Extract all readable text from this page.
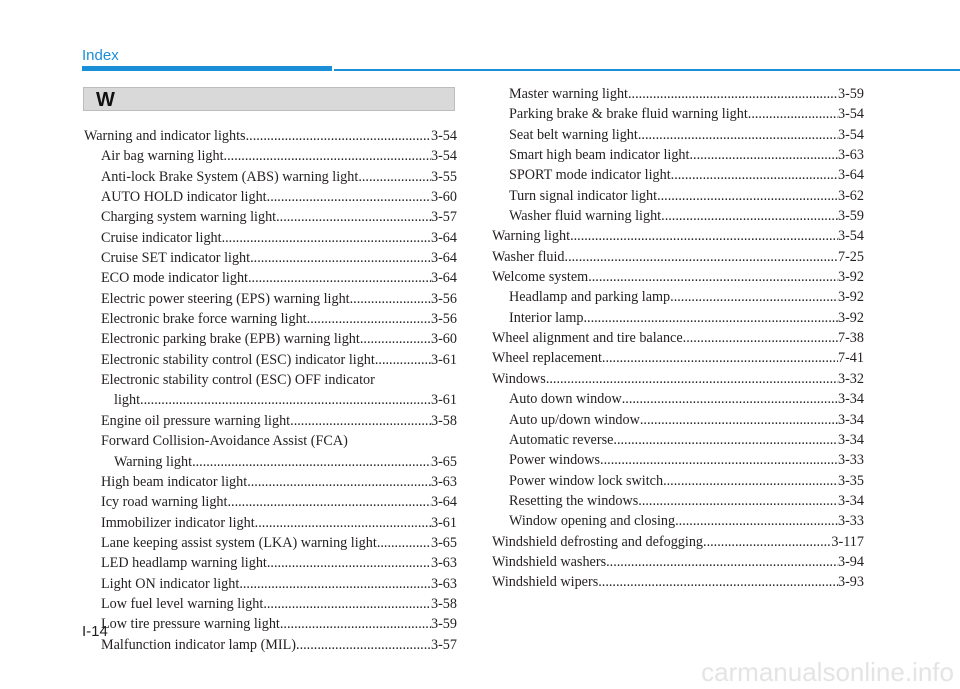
Index
W
Warning and indicator lights .....	3-54
Air bag warning light .....	3-54
Anti-lock Brake System (ABS) warning light .....	3-55
AUTO HOLD indicator light .....	3-60
Charging system warning light .....	3-57
Cruise indicator light .....	3-64
Cruise SET indicator light .....	3-64
ECO mode indicator light .....	3-64
Electric power steering (EPS) warning light .....	3-56
Electronic brake force warning light .....	3-56
Electronic parking brake (EPB) warning light .....	3-60
Electronic stability control (ESC) indicator light .....	3-61
Electronic stability control (ESC) OFF indicator
light .....	3-61
Engine oil pressure warning light .....	3-58
Forward Collision-Avoidance Assist (FCA)
Warning light .....	3-65
High beam indicator light .....	3-63
Icy road warning light .....	3-64
Immobilizer indicator light .....	3-61
Lane keeping assist system (LKA) warning light .....	3-65
LED headlamp warning light .....	3-63
Light ON indicator light .....	3-63
Low fuel level warning light .....	3-58
Low tire pressure warning light .....	3-59
Malfunction indicator lamp (MIL) .....	3-57
Master warning light .....	3-59
Parking brake & brake fluid warning light .....	3-54
Seat belt warning light .....	3-54
Smart high beam indicator light .....	3-63
SPORT mode indicator light .....	3-64
Turn signal indicator light .....	3-62
Washer fluid warning light .....	3-59
Warning light .....	3-54
Washer fluid .....	7-25
Welcome system .....	3-92
Headlamp and parking lamp .....	3-92
Interior lamp .....	3-92
Wheel alignment and tire balance .....	7-38
Wheel replacement .....	7-41
Windows .....	3-32
Auto down window .....	3-34
Auto up/down window .....	3-34
Automatic reverse .....	3-34
Power windows .....	3-33
Power window lock switch .....	3-35
Resetting the windows .....	3-34
Window opening and closing .....	3-33
Windshield defrosting and defogging .....	3-117
Windshield washers .....	3-94
Windshield wipers .....	3-93
I-14
carmanualsonline.info
